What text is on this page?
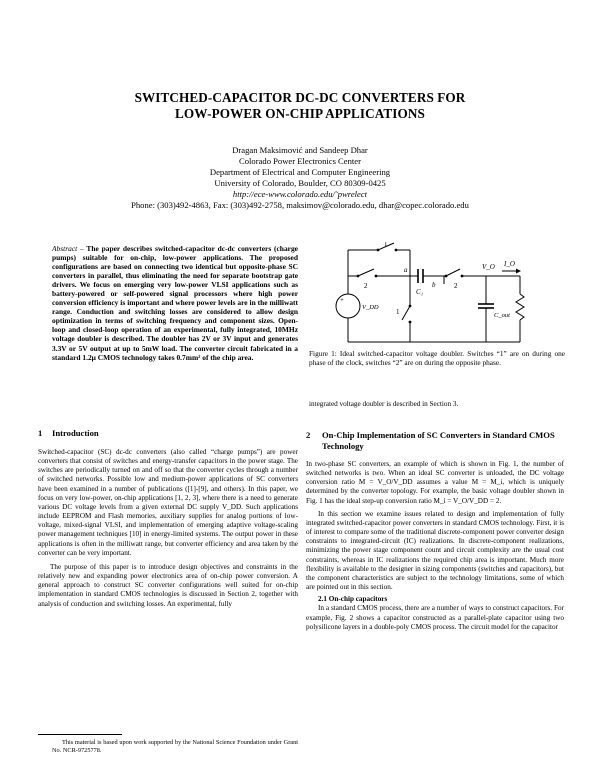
SWITCHED-CAPACITOR DC-DC CONVERTERS FOR
LOW-POWER ON-CHIP APPLICATIONS
Dragan Maksimović and Sandeep Dhar
Colorado Power Electronics Center
Department of Electrical and Computer Engineering
University of Colorado, Boulder, CO 80309-0425
http://ece-www.colorado.edu/˜pwrelect
Phone: (303)492-4863, Fax: (303)492-2758, maksimov@colorado.edu, dhar@copec.colorado.edu
Abstract – The paper describes switched-capacitor dc-dc converters (charge pumps) suitable for on-chip, low-power applications. The proposed configurations are based on connecting two identical but opposite-phase SC converters in parallel, thus eliminating the need for separate bootstrap gate drivers. We focus on emerging very low-power VLSI applications such as battery-powered or self-powered signal processors where high power conversion efficiency is important and where power levels are in the milliwatt range. Conduction and switching losses are considered to allow design optimization in terms of switching frequency and component sizes. Open-loop and closed-loop operation of an experimental, fully integrated, 10MHz voltage doubler is described. The doubler has 2V or 3V input and generates 3.3V or 5V output at up to 5mW load. The converter circuit fabricated in a standard 1.2μ CMOS technology takes 0.7mm² of the chip area.
1 Introduction

Switched-capacitor (SC) dc-dc converters (also called “charge pumps”) are power converters that consist of switches and energy-transfer capacitors in the power stage. The switches are periodically turned on and off so that the converter cycles through a number of switched networks. Possible low and medium-power applications of SC converters have been examined in a number of publications ([1]-[9], and others). In this paper, we focus on very low-power, on-chip applications [1, 2, 3], where there is a need to generate various DC voltage levels from a given external DC supply V_DD. Such applications include EEPROM and Flash memories, auxiliary supplies for analog portions of low-voltage, mixed-signal VLSI, and implementation of emerging adaptive voltage-scaling power management techniques [10] in energy-limited systems. The output power in these applications is often in the milliwatt range, but converter efficiency and area taken by the converter can be very important.

The purpose of this paper is to introduce design objectives and constraints in the relatively new and expanding power electronics area of on-chip power conversion. A general approach to construct SC converter configurations well suited for on-chip implementation in standard CMOS technologies is discussed in Section 2, together with analysis of conduction and switching losses. An experimental, fully

This material is based upon work supported by the National Science Foundation under Grant No. NCR-9725778.

+
1
2
1
2
a
b
C₁
V_DD
V_O I_O
C_out
Figure 1: Ideal switched-capacitor voltage doubler. Switches “1” are on during one phase of the clock, switches “2” are on during the opposite phase.
integrated voltage doubler is described in Section 3.
2	On-Chip Implementation of SC Converters in Standard CMOS Technology

In two-phase SC converters, an example of which is shown in Fig. 1, the number of switched networks is two. When an ideal SC converter is unloaded, the DC voltage conversion ratio M = V_O/V_DD assumes a value M = M_i, which is uniquely determined by the converter topology. For example, the basic voltage doubler shown in Fig. 1 has the ideal step-up conversion ratio M_i = V_O/V_DD = 2.

In this section we examine issues related to design and implementation of fully integrated switched-capacitor power converters in standard CMOS technology. First, it is of interest to compare some of the traditional discrete-component power converter design constraints to integrated-circuit (IC) realizations. In discrete-component realizations, minimizing the power stage component count and circuit complexity are the usual cost constraints, whereas in IC realizations the required chip area is important. Much more flexibility is available to the designer in sizing components (switches and capacitors), but the component characteristics are subject to the technology limitations, some of which are pointed out in this section.

2.1 On-chip capacitors

In a standard CMOS process, there are a number of ways to construct capacitors. For example, Fig. 2 shows a capacitor constructed as a parallel-plate capacitor using two polysilicone layers in a double-poly CMOS process. The circuit model for the capacitor
